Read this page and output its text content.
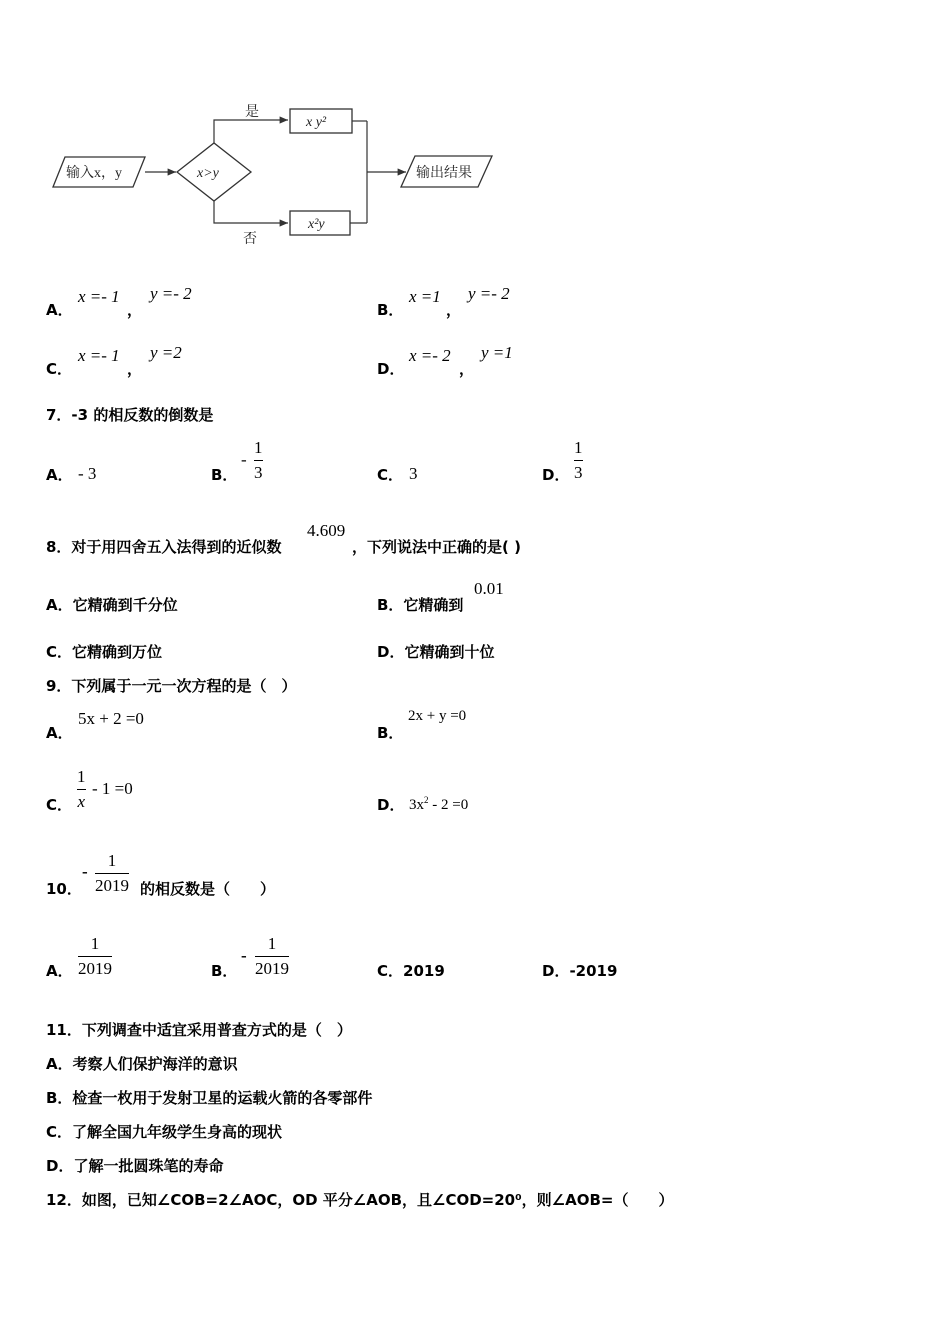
输入x，y	x>y
是
x y²
否
x²y
输出结果
A．
x =- 1
，
y =- 2
B．
x =1
，
y =- 2
C．
x =- 1
，
y =2
D．
x =- 2
，
y =1
7．-3 的相反数的倒数是
A． - 3	B．
-
1
3	C． 3	D．
1
3
8．对于用四舍五入法得到的近似数
4.609
，下列说法中正确的是( )
A．它精确到千分位	B．它精确到
0.01
C．它精确到万位	D．它精确到十位
9．下列属于一元一次方程的是（　）
A．
5x + 2 =0
B．
2x + y =0
C．
1
x
- 1 =0
D． $3x^2 - 2 =0$
10．
-
1
2019 的相反数是（　　）
A．
1
2019	B．
-
1
2019	C．2019	D．-2019
11．下列调查中适宜采用普查方式的是（　）
A．考察人们保护海洋的意识
B．检查一枚用于发射卫星的运载火箭的各零部件
C．了解全国九年级学生身高的现状
D．了解一批圆珠笔的寿命
12．如图，已知∠COB=2∠AOC，OD 平分∠AOB，且∠COD=20⁰，则∠AOB=（　　）
